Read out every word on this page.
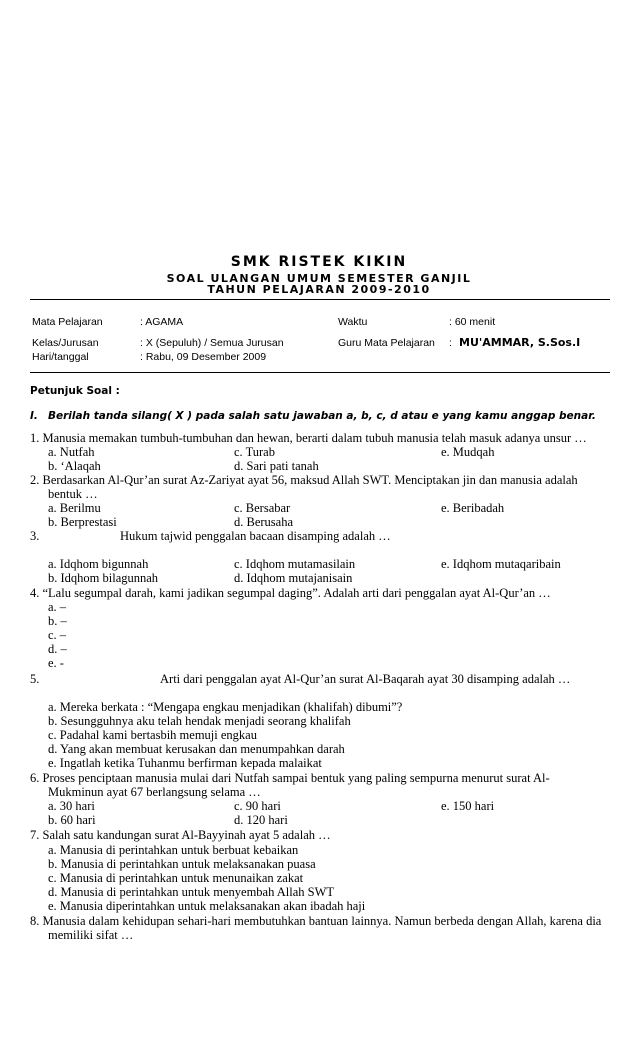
SMK RISTEK KIKIN
SOAL ULANGAN UMUM SEMESTER GANJIL
TAHUN PELAJARAN 2009-2010
Mata Pelajaran	: AGAMA	Waktu	: 60 menit
Kelas/Jurusan	: X (Sepuluh) / Semua Jurusan	Guru Mata Pelajaran : MU'AMMAR, S.Sos.I
Hari/tanggal	: Rabu, 09 Desember 2009
Petunjuk Soal :
I. Berilah tanda silang( X ) pada salah satu jawaban a, b, c, d atau e yang kamu anggap benar.
1. Manusia memakan tumbuh-tumbuhan dan hewan, berarti dalam tubuh manusia telah masuk adanya unsur …
a. Nutfah	c. Turab	e. Mudqah
b. ‘Alaqah	d. Sari pati tanah
2. Berdasarkan Al-Qur’an surat Az-Zariyat ayat 56, maksud Allah SWT. Menciptakan jin dan manusia adalah
bentuk …
a. Berilmu	c. Bersabar	e. Beribadah
b. Berprestasi	d. Berusaha
3.	Hukum tajwid penggalan bacaan disamping adalah …
a. Idqhom bigunnah	c. Idqhom mutamasilain	e. Idqhom mutaqaribain
b. Idqhom bilagunnah	d. Idqhom mutajanisain
4. “Lalu segumpal darah, kami jadikan segumpal daging”. Adalah arti dari penggalan ayat Al-Qur’an …
a. –
b. –
c. –
d. –
e. -
5.	Arti dari penggalan ayat Al-Qur’an surat Al-Baqarah ayat 30 disamping adalah …
a. Mereka berkata : “Mengapa engkau menjadikan (khalifah) dibumi”?
b. Sesungguhnya aku telah hendak menjadi seorang khalifah
c. Padahal kami bertasbih memuji engkau
d. Yang akan membuat kerusakan dan menumpahkan darah
e. Ingatlah ketika Tuhanmu berfirman kepada malaikat
6. Proses penciptaan manusia mulai dari Nutfah sampai bentuk yang paling sempurna menurut surat Al-
Mukminun ayat 67 berlangsung selama …
a. 30 hari	c. 90 hari	e. 150 hari
b. 60 hari	d. 120 hari
7. Salah satu kandungan surat Al-Bayyinah ayat 5 adalah …
a. Manusia di perintahkan untuk berbuat kebaikan
b. Manusia di perintahkan untuk melaksanakan puasa
c. Manusia di perintahkan untuk menunaikan zakat
d. Manusia di perintahkan untuk menyembah Allah SWT
e. Manusia diperintahkan untuk melaksanakan akan ibadah haji
8. Manusia dalam kehidupan sehari-hari membutuhkan bantuan lainnya. Namun berbeda dengan Allah, karena dia
memiliki sifat …
